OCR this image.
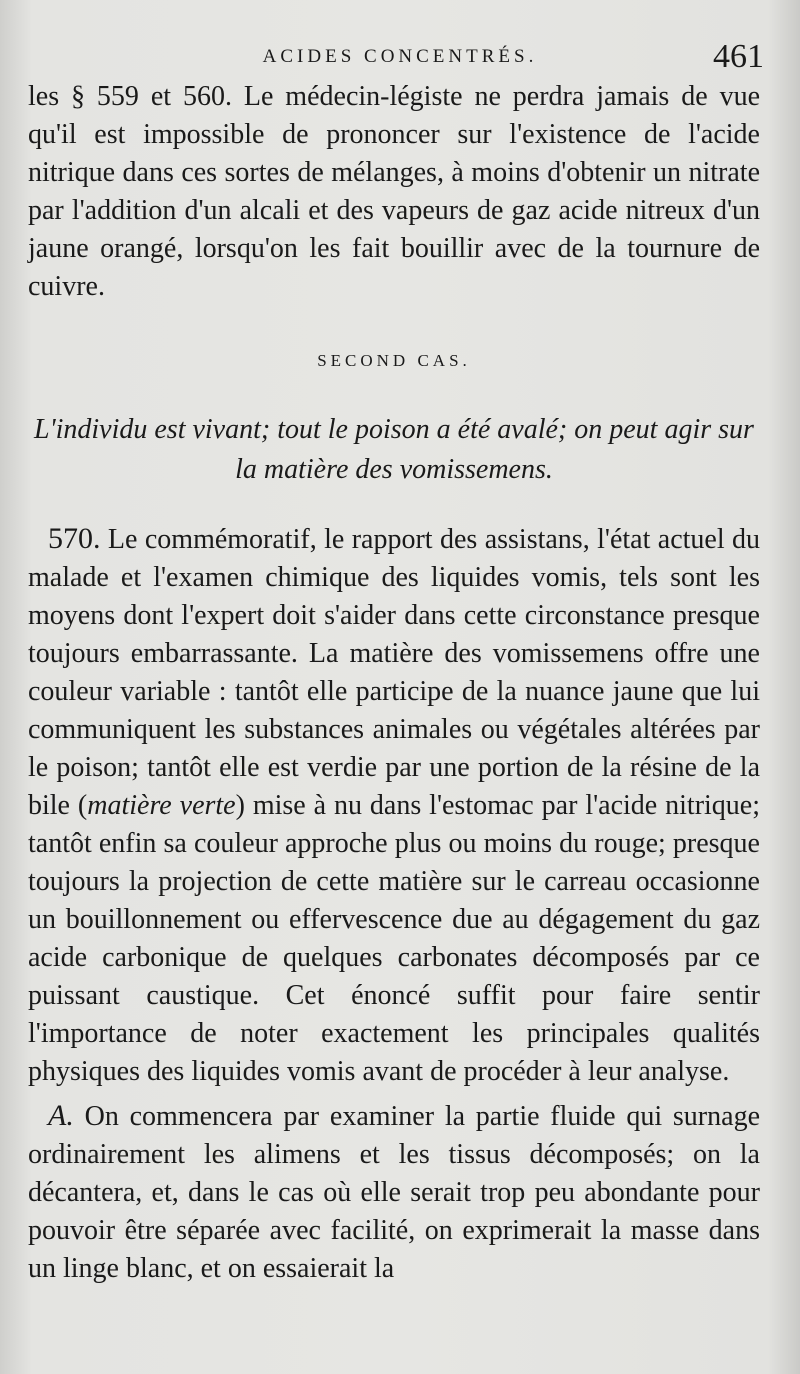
ACIDES CONCENTRÉS.	461

les § 559 et 560. Le médecin-légiste ne perdra jamais de vue qu'il est impossible de prononcer sur l'existence de l'acide nitrique dans ces sortes de mélanges, à moins d'obtenir un nitrate par l'addition d'un alcali et des vapeurs de gaz acide nitreux d'un jaune orangé, lorsqu'on les fait bouillir avec de la tournure de cuivre.

SECOND CAS.

L'individu est vivant; tout le poison a été avalé; on peut agir sur la matière des vomissemens.

570. Le commémoratif, le rapport des assistans, l'état actuel du malade et l'examen chimique des liquides vomis, tels sont les moyens dont l'expert doit s'aider dans cette circonstance presque toujours embarrassante. La matière des vomissemens offre une couleur variable : tantôt elle participe de la nuance jaune que lui communiquent les substances animales ou végétales altérées par le poison; tantôt elle est verdie par une portion de la résine de la bile (matière verte) mise à nu dans l'estomac par l'acide nitrique; tantôt enfin sa couleur approche plus ou moins du rouge; presque toujours la projection de cette matière sur le carreau occasionne un bouillonnement ou effervescence due au dégagement du gaz acide carbonique de quelques carbonates décomposés par ce puissant caustique. Cet énoncé suffit pour faire sentir l'importance de noter exactement les principales qualités physiques des liquides vomis avant de procéder à leur analyse.

A. On commencera par examiner la partie fluide qui surnage ordinairement les alimens et les tissus décomposés; on la décantera, et, dans le cas où elle serait trop peu abondante pour pouvoir être séparée avec facilité, on exprimerait la masse dans un linge blanc, et on essaierait la
